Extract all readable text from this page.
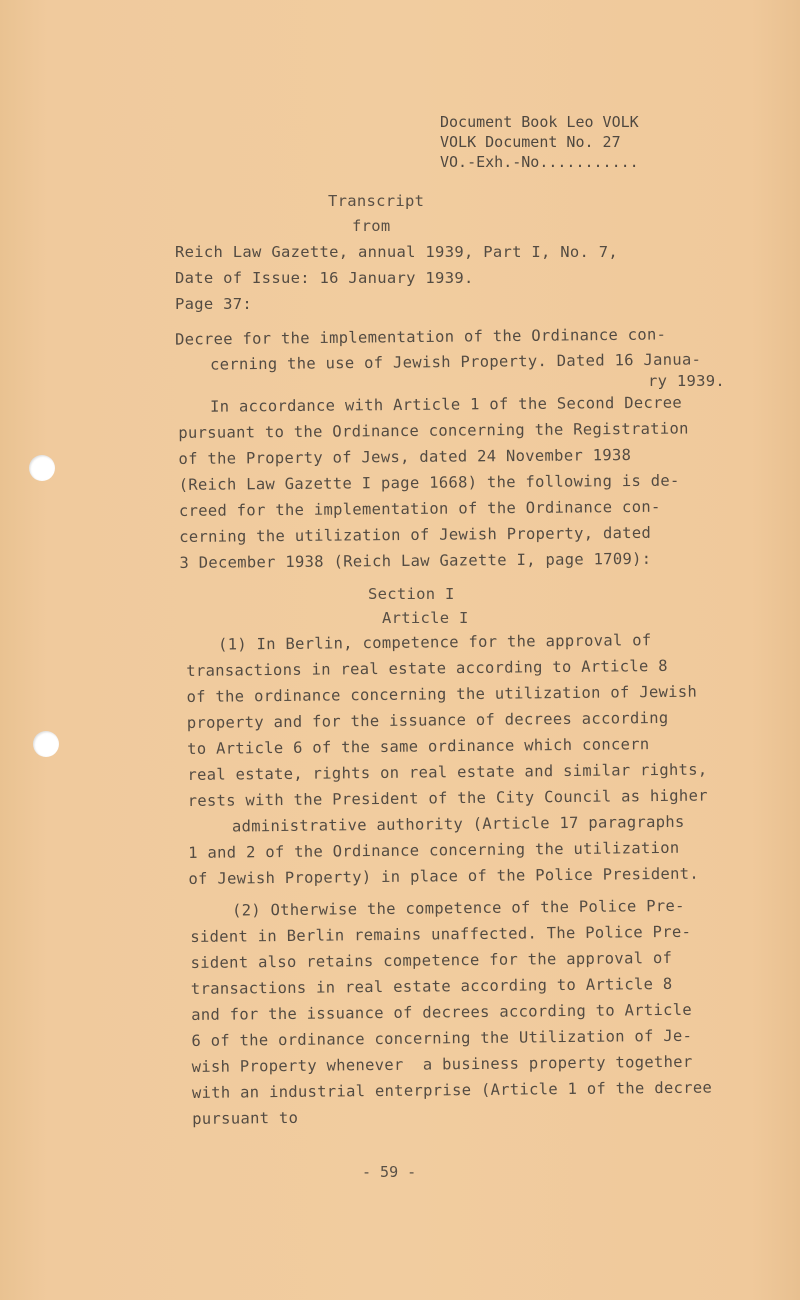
Document Book Leo VOLK
VOLK Document No. 27
VO.-Exh.-No...........
Transcript
from
Reich Law Gazette, annual 1939, Part I, No. 7,
Date of Issue: 16 January 1939.
Page 37:
Decree for the implementation of the Ordinance con-
cerning the use of Jewish Property. Dated 16 Janua-
ry 1939.
In accordance with Article 1 of the Second Decree
pursuant to the Ordinance concerning the Registration
of the Property of Jews, dated 24 November 1938
(Reich Law Gazette I page 1668) the following is de-
creed for the implementation of the Ordinance con-
cerning the utilization of Jewish Property, dated
3 December 1938 (Reich Law Gazette I, page 1709):
Section I
Article I
(1) In Berlin, competence for the approval of
transactions in real estate according to Article 8
of the ordinance concerning the utilization of Jewish
property and for the issuance of decrees according
to Article 6 of the same ordinance which concern
real estate, rights on real estate and similar rights,
rests with the President of the City Council as higher
administrative authority (Article 17 paragraphs
1 and 2 of the Ordinance concerning the utilization
of Jewish Property) in place of the Police President.
(2) Otherwise the competence of the Police Pre-
sident in Berlin remains unaffected. The Police Pre-
sident also retains competence for the approval of
transactions in real estate according to Article 8
and for the issuance of decrees according to Article
6 of the ordinance concerning the Utilization of Je-
wish Property whenever  a business property together
with an industrial enterprise (Article 1 of the decree
pursuant to
- 59 -
